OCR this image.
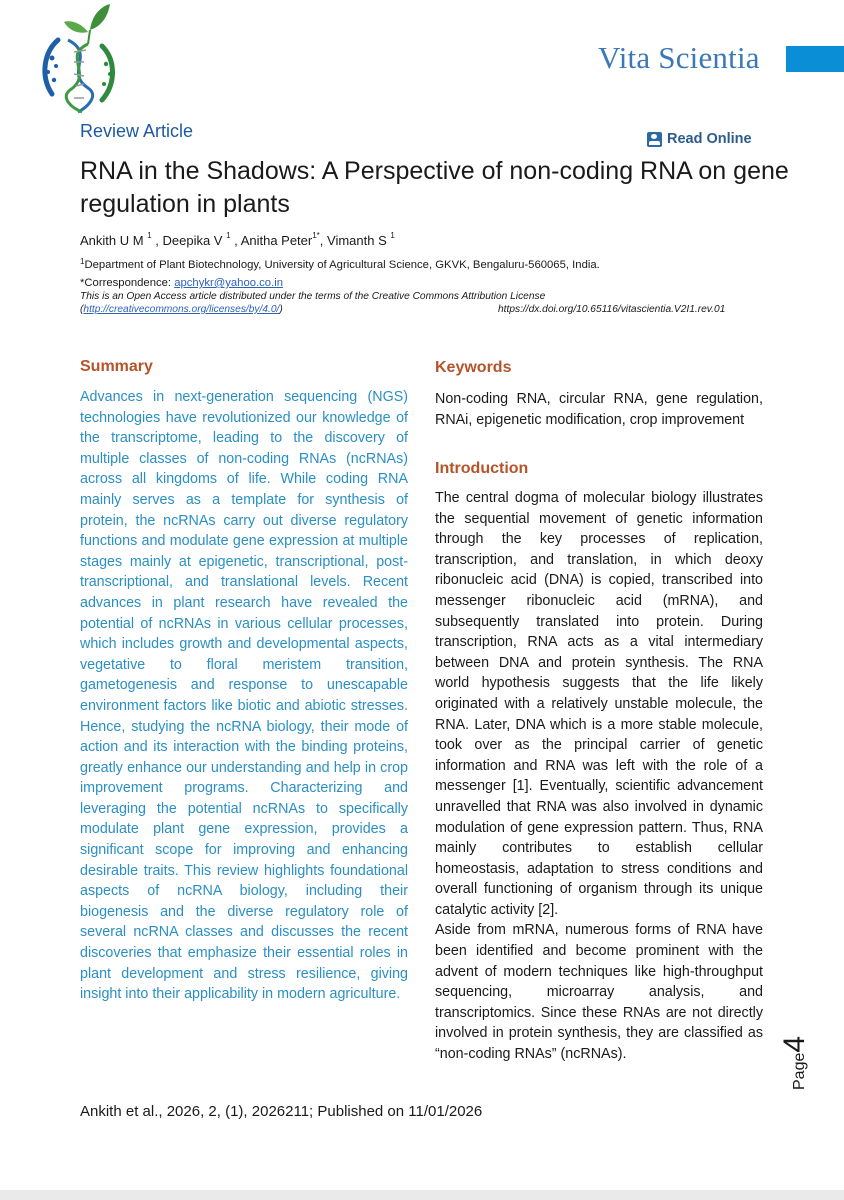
Vita Scientia
Review Article	Read Online
RNA in the Shadows: A Perspective of non-coding RNA on gene regulation in plants
Ankith U M $^1$ , Deepika V $^1$ , Anitha Peter$^{1*}$, Vimanth S $^1$
$^1$Department of Plant Biotechnology, University of Agricultural Science, GKVK, Bengaluru-560065, India.
*Correspondence: apchykr@yahoo.co.in
This is an Open Access article distributed under the terms of the Creative Commons Attribution License
(http://creativecommons.org/licenses/by/4.0/)	https://dx.doi.org/10.65116/vitascientia.V2I1.rev.01
Summary
Advances in next-generation sequencing (NGS) technologies have revolutionized our knowledge of the transcriptome, leading to the discovery of multiple classes of non-coding RNAs (ncRNAs) across all kingdoms of life. While coding RNA mainly serves as a template for synthesis of protein, the ncRNAs carry out diverse regulatory functions and modulate gene expression at multiple stages mainly at epigenetic, transcriptional, post-transcriptional, and translational levels. Recent advances in plant research have revealed the potential of ncRNAs in various cellular processes, which includes growth and developmental aspects, vegetative to floral meristem transition, gametogenesis and response to unescapable environment factors like biotic and abiotic stresses. Hence, studying the ncRNA biology, their mode of action and its interaction with the binding proteins, greatly enhance our understanding and help in crop improvement programs. Characterizing and leveraging the potential ncRNAs to specifically modulate plant gene expression, provides a significant scope for improving and enhancing desirable traits. This review highlights foundational aspects of ncRNA biology, including their biogenesis and the diverse regulatory role of several ncRNA classes and discusses the recent discoveries that emphasize their essential roles in plant development and stress resilience, giving insight into their applicability in modern agriculture.
Keywords
Non-coding RNA, circular RNA, gene regulation, RNAi, epigenetic modification, crop improvement
Introduction

The central dogma of molecular biology illustrates the sequential movement of genetic information through the key processes of replication, transcription, and translation, in which deoxy ribonucleic acid (DNA) is copied, transcribed into messenger ribonucleic acid (mRNA), and subsequently translated into protein. During transcription, RNA acts as a vital intermediary between DNA and protein synthesis. The RNA world hypothesis suggests that the life likely originated with a relatively unstable molecule, the RNA. Later, DNA which is a more stable molecule, took over as the principal carrier of genetic information and RNA was left with the role of a messenger [1]. Eventually, scientific advancement unravelled that RNA was also involved in dynamic modulation of gene expression pattern. Thus, RNA mainly contributes to establish cellular homeostasis, adaptation to stress conditions and overall functioning of organism through its unique catalytic activity [2].

Aside from mRNA, numerous forms of RNA have been identified and become prominent with the advent of modern techniques like high-throughput sequencing, microarray analysis, and transcriptomics. Since these RNAs are not directly involved in protein synthesis, they are classified as “non-coding RNAs” (ncRNAs).	Page4
Ankith et al., 2026, 2, (1), 2026211; Published on 11/01/2026
